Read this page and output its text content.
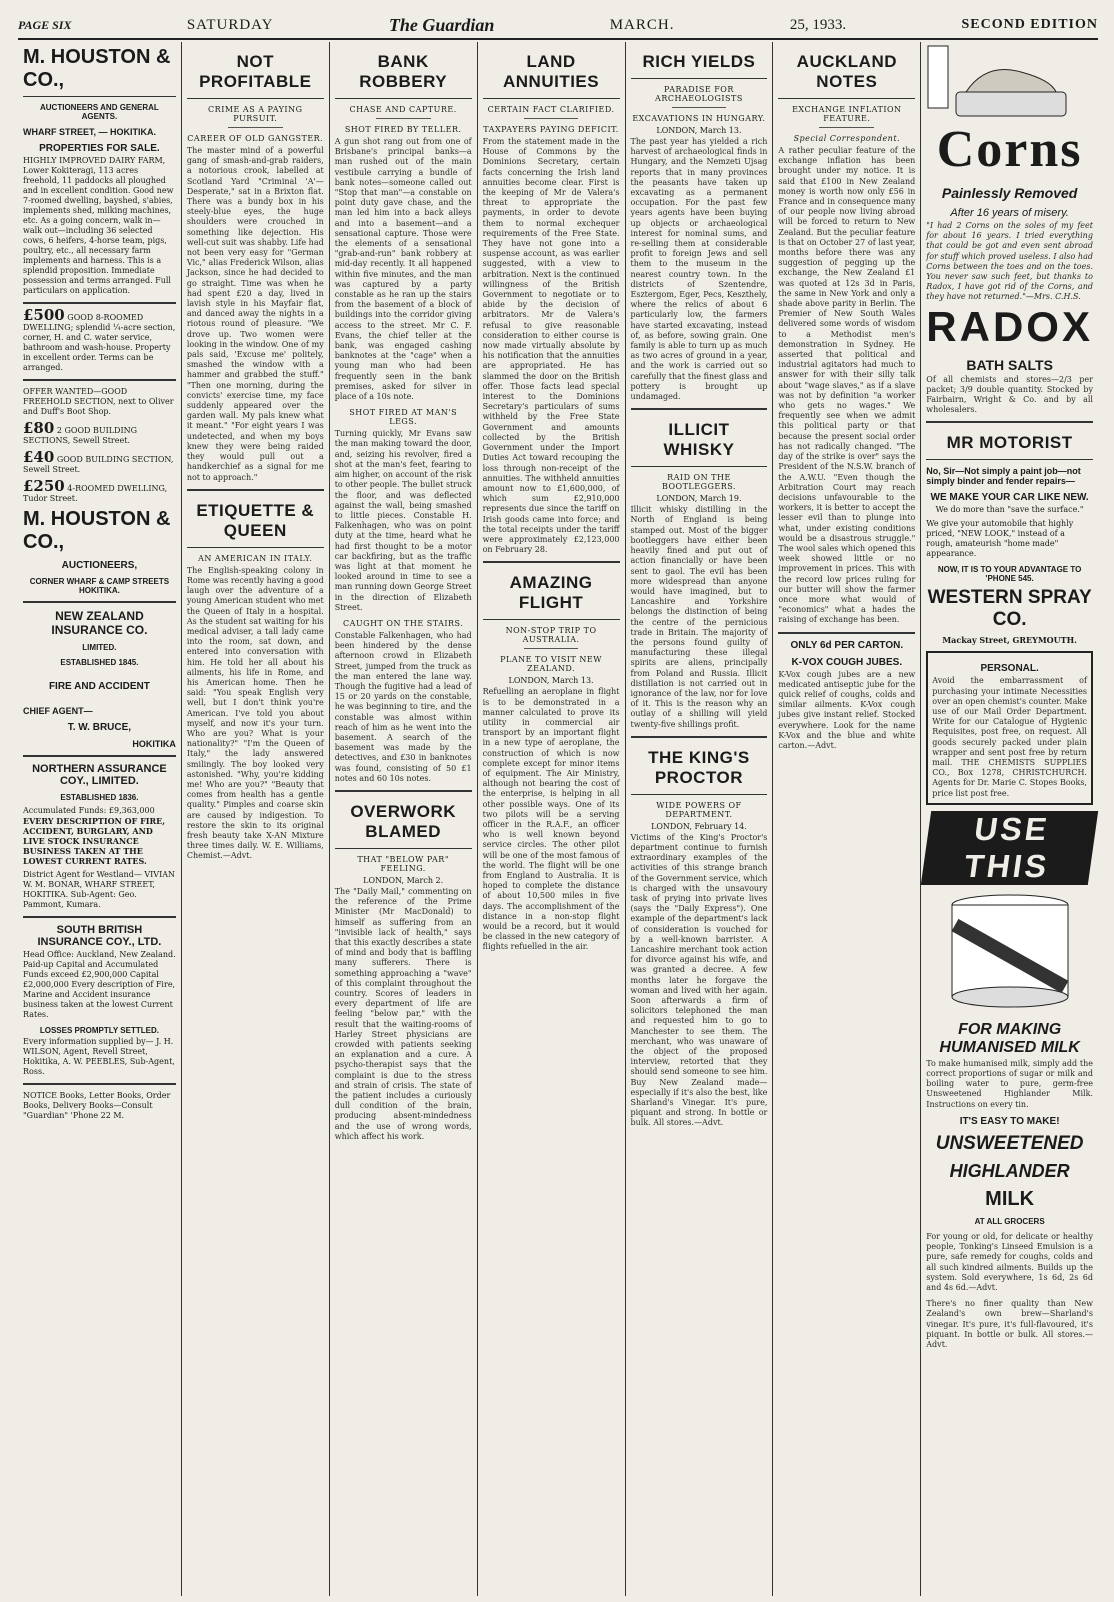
PAGE SIX	SATURDAY	The Guardian	MARCH.	25, 1933.	SECOND EDITION
M. HOUSTON & CO.,
AUCTIONEERS AND GENERAL AGENTS.
WHARF STREET, — HOKITIKA.
PROPERTIES FOR SALE.
HIGHLY IMPROVED DAIRY FARM, Lower Kokiteragi, 113 acres freehold, 11 paddocks all ploughed and in excellent condition. Good new 7-roomed dwelling, bayshed, s'abies, implements shed, milking machines, etc. As a going concern, walk in—walk out—including 36 selected cows, 6 heifers, 4-horse team, pigs, poultry, etc., all necessary farm implements and harness. This is a splendid proposition. Immediate possession and terms arranged. Full particulars on application.
£500 GOOD 8-ROOMED DWELLING; splendid ¼-acre section, corner, H. and C. water service, bathroom and wash-house. Property in excellent order. Terms can be arranged.
OFFER WANTED—GOOD FREEHOLD SECTION, next to Oliver and Duff's Boot Shop.
£80 2 GOOD BUILDING SECTIONS, Sewell Street.
£40 GOOD BUILDING SECTION, Sewell Street.
£250 4-ROOMED DWELLING, Tudor Street.
M. HOUSTON & CO.,
AUCTIONEERS,
CORNER WHARF & CAMP STREETS HOKITIKA.
NEW ZEALAND INSURANCE CO.
LIMITED.
ESTABLISHED 1845.
FIRE AND ACCIDENT
CHIEF AGENT—
T. W. BRUCE,
HOKITIKA
NORTHERN ASSURANCE COY., LIMITED.
ESTABLISHED 1836.
Accumulated Funds: £9,363,000
EVERY DESCRIPTION OF FIRE, ACCIDENT, BURGLARY, AND LIVE STOCK INSURANCE BUSINESS TAKEN AT THE LOWEST CURRENT RATES.
District Agent for Westland— VIVIAN W. M. BONAR, WHARF STREET, HOKITIKA. Sub-Agent: Geo. Pammont, Kumara.
SOUTH BRITISH INSURANCE COY., LTD.
Head Office: Auckland, New Zealand. Paid-up Capital and Accumulated Funds exceed £2,900,000 Capital £2,000,000 Every description of Fire, Marine and Accident insurance business taken at the lowest Current Rates.
LOSSES PROMPTLY SETTLED.
Every information supplied by— J. H. WILSON, Agent, Revell Street, Hokitika, A. W. PEEBLES, Sub-Agent, Ross.
NOTICE Books, Letter Books, Order Books, Delivery Books—Consult "Guardian" 'Phone 22 M.
NOT PROFITABLE
CRIME AS A PAYING PURSUIT.
CAREER OF OLD GANGSTER.
The master mind of a powerful gang of smash-and-grab raiders, a notorious crook, labelled at Scotland Yard "Criminal 'A'—Desperate," sat in a Brixton flat. There was a bundy box in his steely-blue eyes, the huge shoulders were crouched in something like dejection. His well-cut suit was shabby. Life had not been very easy for "German Vic," alias Frederick Wilson, alias Jackson, since he had decided to go straight. Time was when he had spent £20 a day, lived in lavish style in his Mayfair flat, and danced away the nights in a riotous round of pleasure. "We drove up. Two women were looking in the window. One of my pals said, 'Excuse me' politely, smashed the window with a hammer and grabbed the stuff." "Then one morning, during the convicts' exercise time, my face suddenly appeared over the garden wall. My pals knew what it meant." "For eight years I was undetected, and when my boys knew they were being raided they would pull out a handkerchief as a signal for me not to approach."
ETIQUETTE & QUEEN
AN AMERICAN IN ITALY.
The English-speaking colony in Rome was recently having a good laugh over the adventure of a young American student who met the Queen of Italy in a hospital. As the student sat waiting for his medical adviser, a tall lady came into the room, sat down, and entered into conversation with him. He told her all about his ailments, his life in Rome, and his American home. Then he said: "You speak English very well, but I don't think you're American. I've told you about myself, and now it's your turn. Who are you? What is your nationality?" "I'm the Queen of Italy," the lady answered smilingly. The boy looked very astonished. "Why, you're kidding me! Who are you?" "Beauty that comes from health has a gentle quality." Pimples and coarse skin are caused by indigestion. To restore the skin to its original fresh beauty take X-AN Mixture three times daily. W. E. Williams, Chemist.—Advt.
BANK ROBBERY
CHASE AND CAPTURE.
SHOT FIRED BY TELLER.
A gun shot rang out from one of Brisbane's principal banks—a man rushed out of the main vestibule carrying a bundle of bank notes—someone called out "Stop that man"—a constable on point duty gave chase, and the man led him into a back alleys and into a basement—and a sensational capture. Those were the elements of a sensational "grab-and-run" bank robbery at mid-day recently. It all happened within five minutes, and the man was captured by a party constable as he ran up the stairs from the basement of a block of buildings into the corridor giving access to the street. Mr C. F. Evans, the chief teller at the bank, was engaged cashing banknotes at the "cage" when a young man who had been frequently seen in the bank premises, asked for silver in place of a 10s note.
SHOT FIRED AT MAN'S LEGS.
Turning quickly, Mr Evans saw the man making toward the door, and, seizing his revolver, fired a shot at the man's feet, fearing to aim higher, on account of the risk to other people. The bullet struck the floor, and was deflected against the wall, being smashed to little pieces. Constable H. Falkenhagen, who was on point duty at the time, heard what he had first thought to be a motor car backfiring, but as the traffic was light at that moment he looked around in time to see a man running down George Street in the direction of Elizabeth Street.
CAUGHT ON THE STAIRS.
Constable Falkenhagen, who had been hindered by the dense afternoon crowd in Elizabeth Street, jumped from the truck as the man entered the lane way. Though the fugitive had a lead of 15 or 20 yards on the constable, he was beginning to tire, and the constable was almost within reach of him as he went into the basement. A search of the basement was made by the detectives, and £30 in banknotes was found, consisting of 50 £1 notes and 60 10s notes.
OVERWORK BLAMED
THAT "BELOW PAR" FEELING.
LONDON, March 2.
The "Daily Mail," commenting on the reference of the Prime Minister (Mr MacDonald) to himself as suffering from an "invisible lack of health," says that this exactly describes a state of mind and body that is baffling many sufferers. There is something approaching a "wave" of this complaint throughout the country. Scores of leaders in every department of life are feeling "below par," with the result that the waiting-rooms of Harley Street physicians are crowded with patients seeking an explanation and a cure. A psycho-therapist says that the complaint is due to the stress and strain of crisis. The state of the patient includes a curiously dull condition of the brain, producing absent-mindedness and the use of wrong words, which affect his work.
LAND ANNUITIES
CERTAIN FACT CLARIFIED.
TAXPAYERS PAYING DEFICIT.
From the statement made in the House of Commons by the Dominions Secretary, certain facts concerning the Irish land annuities become clear. First is the keeping of Mr de Valera's threat to appropriate the payments, in order to devote them to normal exchequer requirements of the Free State. They have not gone into a suspense account, as was earlier suggested, with a view to arbitration. Next is the continued willingness of the British Government to negotiate or to abide by the decision of arbitrators. Mr de Valera's refusal to give reasonable consideration to either course is now made virtually absolute by his notification that the annuities are appropriated. He has slammed the door on the British offer. Those facts lead special interest to the Dominions Secretary's particulars of sums withheld by the Free State Government and amounts collected by the British Government under the Import Duties Act toward recouping the loss through non-receipt of the annuities. The withheld annuities amount now to £1,600,000, of which sum £2,910,000 represents due since the tariff on Irish goods came into force; and the total receipts under the tariff were approximately £2,123,000 on February 28.
AMAZING FLIGHT
NON-STOP TRIP TO AUSTRALIA.
PLANE TO VISIT NEW ZEALAND.
LONDON, March 13.
Refuelling an aeroplane in flight is to be demonstrated in a manner calculated to prove its utility in commercial air transport by an important flight in a new type of aeroplane, the construction of which is now complete except for minor items of equipment. The Air Ministry, although not bearing the cost of the enterprise, is helping in all other possible ways. One of its two pilots will be a serving officer in the R.A.F., an officer who is well known beyond service circles. The other pilot will be one of the most famous of the world. The flight will be one from England to Australia. It is hoped to complete the distance of about 10,500 miles in five days. The accomplishment of the distance in a non-stop flight would be a record, but it would be classed in the new category of flights refuelled in the air.
RICH YIELDS
PARADISE FOR ARCHAEOLOGISTS
EXCAVATIONS IN HUNGARY.
LONDON, March 13.
The past year has yielded a rich harvest of archaeological finds in Hungary, and the Nemzeti Ujsag reports that in many provinces the peasants have taken up excavating as a permanent occupation. For the past few years agents have been buying up objects or archaeological interest for nominal sums, and re-selling them at considerable profit to foreign Jews and sell them to the museum in the nearest country town. In the districts of Szentendre, Esztergom, Eger, Pecs, Keszthely, where the relics of about 6 particularly low, the farmers have started excavating, instead of, as before, sowing grain. One family is able to turn up as much as two acres of ground in a year, and the work is carried out so carefully that the finest glass and pottery is brought up undamaged.
ILLICIT WHISKY
RAID ON THE BOOTLEGGERS.
LONDON, March 19.
Illicit whisky distilling in the North of England is being stamped out. Most of the bigger bootleggers have either been heavily fined and put out of action financially or have been sent to gaol. The evil has been more widespread than anyone would have imagined, but to Lancashire and Yorkshire belongs the distinction of being the centre of the pernicious trade in Britain. The majority of the persons found guilty of manufacturing these illegal spirits are aliens, principally from Poland and Russia. Illicit distillation is not carried out in ignorance of the law, nor for love of it. This is the reason why an outlay of a shilling will yield twenty-five shillings profit.
THE KING'S PROCTOR
WIDE POWERS OF DEPARTMENT.
LONDON, February 14.
Victims of the King's Proctor's department continue to furnish extraordinary examples of the activities of this strange branch of the Government service, which is charged with the unsavoury task of prying into private lives (says the "Daily Express"). One example of the department's lack of consideration is vouched for by a well-known barrister. A Lancashire merchant took action for divorce against his wife, and was granted a decree. A few months later he forgave the woman and lived with her again. Soon afterwards a firm of solicitors telephoned the man and requested him to go to Manchester to see them. The merchant, who was unaware of the object of the proposed interview, retorted that they should send someone to see him. Buy New Zealand made—especially if it's also the best, like Sharland's Vinegar. It's pure, piquant and strong. In bottle or bulk. All stores.—Advt.
AUCKLAND NOTES
EXCHANGE INFLATION FEATURE.
Special Correspondent.
A rather peculiar feature of the exchange inflation has been brought under my notice. It is said that £100 in New Zealand money is worth now only £56 in France and in consequence many of our people now living abroad will be forced to return to New Zealand. But the peculiar feature is that on October 27 of last year, months before there was any suggestion of pegging up the exchange, the New Zealand £1 was quoted at 12s 3d in Paris, the same in New York and only a shade above parity in Berlin. The Premier of New South Wales delivered some words of wisdom to a Methodist men's demonstration in Sydney. He asserted that political and industrial agitators had much to answer for with their silly talk about "wage slaves," as if a slave was not by definition "a worker who gets no wages." We frequently see when we admit this political party or that because the present social order has not radically changed. "The day of the strike is over" says the President of the N.S.W. branch of the A.W.U. "Even though the Arbitration Court may reach decisions unfavourable to the workers, it is better to accept the lesser evil than to plunge into what, under existing conditions would be a disastrous struggle." The wool sales which opened this week showed little or no improvement in prices. This with the record low prices ruling for our butter will show the farmer once more what would of "economics" what a hades the raising of exchange has been.
ONLY 6d PER CARTON.
K-VOX COUGH JUBES.
K-Vox cough jubes are a new medicated antiseptic jube for the quick relief of coughs, colds and similar ailments. K-Vox cough jubes give instant relief. Stocked everywhere. Look for the name K-Vox and the blue and white carton.—Advt.
Corns
Painlessly Removed
After 16 years of misery.
"I had 2 Corns on the soles of my feet for about 16 years. I tried everything that could be got and even sent abroad for stuff which proved useless. I also had Corns between the toes and on the toes. You never saw such feet, but thanks to Radox, I have got rid of the Corns, and they have not returned."—Mrs. C.H.S.
RADOX
BATH SALTS
Of all chemists and stores—2/3 per packet; 3/9 double quantity. Stocked by Fairbairn, Wright & Co. and by all wholesalers.
MR MOTORIST
No, Sir—Not simply a paint job—not simply binder and fender repairs—
WE MAKE YOUR CAR LIKE NEW.
We do more than "save the surface."
We give your automobile that highly priced, "NEW LOOK," instead of a rough, amateurish "home made" appearance.
NOW, IT IS TO YOUR ADVANTAGE TO 'PHONE 545.
WESTERN SPRAY CO.
Mackay Street, GREYMOUTH.
PERSONAL.
Avoid the embarrassment of purchasing your intimate Necessities over an open chemist's counter. Make use of our Mail Order Department. Write for our Catalogue of Hygienic Requisites, post free, on request. All goods securely packed under plain wrapper and sent post free by return mail. THE CHEMISTS SUPPLIES CO., Box 1278, CHRISTCHURCH. Agents for Dr. Marie C. Stopes Books, price list post free.
USE THIS
FOR MAKING HUMANISED MILK
To make humanised milk, simply add the correct proportions of sugar or milk and boiling water to pure, germ-free Unsweetened Highlander Milk. Instructions on every tin.
IT'S EASY TO MAKE!
UNSWEETENED
HIGHLANDER
MILK
AT ALL GROCERS
For young or old, for delicate or healthy people, Tonking's Linseed Emulsion is a pure, safe remedy for coughs, colds and all such kindred ailments. Builds up the system. Sold everywhere, 1s 6d, 2s 6d and 4s 6d.—Advt.
There's no finer quality than New Zealand's own brew—Sharland's vinegar. It's pure, it's full-flavoured, it's piquant. In bottle or bulk. All stores.—Advt.
